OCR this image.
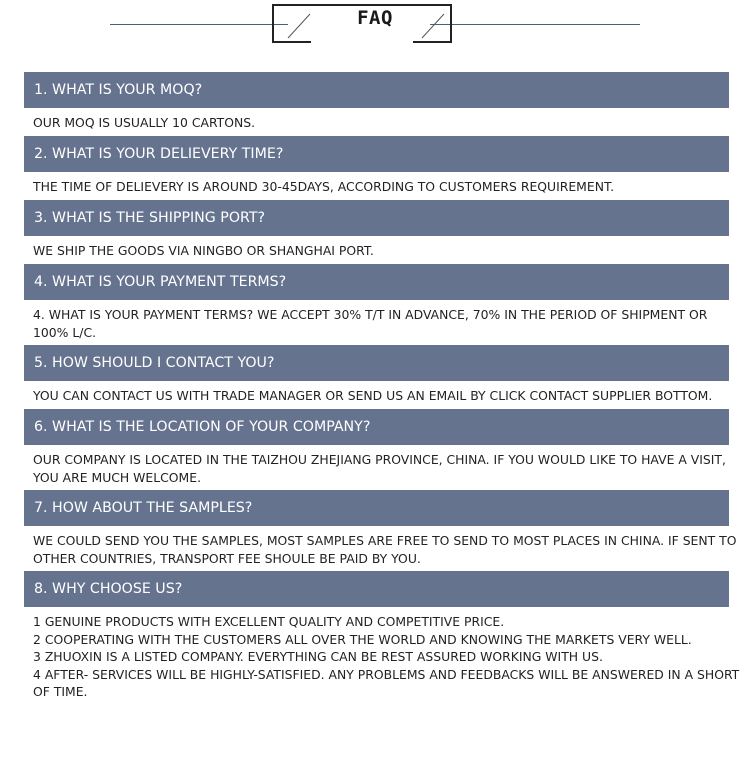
FAQ
1. WHAT IS YOUR MOQ?
OUR MOQ IS USUALLY 10 CARTONS.
2. WHAT IS YOUR DELIEVERY TIME?
THE TIME OF DELIEVERY IS AROUND 30-45DAYS, ACCORDING TO CUSTOMERS REQUIREMENT.
3. WHAT IS THE SHIPPING PORT?
WE SHIP THE GOODS VIA NINGBO OR SHANGHAI PORT.
4. WHAT IS YOUR PAYMENT TERMS?
4. WHAT IS YOUR PAYMENT TERMS? WE ACCEPT 30% T/T IN ADVANCE, 70% IN THE PERIOD OF SHIPMENT OR
100% L/C.
5. HOW SHOULD I CONTACT YOU?
YOU CAN CONTACT US WITH TRADE MANAGER OR SEND US AN EMAIL BY CLICK CONTACT SUPPLIER BOTTOM.
6. WHAT IS THE LOCATION OF YOUR COMPANY?
OUR COMPANY IS LOCATED IN THE TAIZHOU ZHEJIANG PROVINCE, CHINA. IF YOU WOULD LIKE TO HAVE A VISIT,
YOU ARE MUCH WELCOME.
7. HOW ABOUT THE SAMPLES?
WE COULD SEND YOU THE SAMPLES, MOST SAMPLES ARE FREE TO SEND TO MOST PLACES IN CHINA. IF SENT TO
OTHER COUNTRIES, TRANSPORT FEE SHOULE BE PAID BY YOU.
8. WHY CHOOSE US?
1 GENUINE PRODUCTS WITH EXCELLENT QUALITY AND COMPETITIVE PRICE.
2 COOPERATING WITH THE CUSTOMERS ALL OVER THE WORLD AND KNOWING THE MARKETS VERY WELL.
3 ZHUOXIN IS A LISTED COMPANY. EVERYTHING CAN BE REST ASSURED WORKING WITH US.
4 AFTER- SERVICES WILL BE HIGHLY-SATISFIED. ANY PROBLEMS AND FEEDBACKS WILL BE ANSWERED IN A SHORT
OF TIME.
